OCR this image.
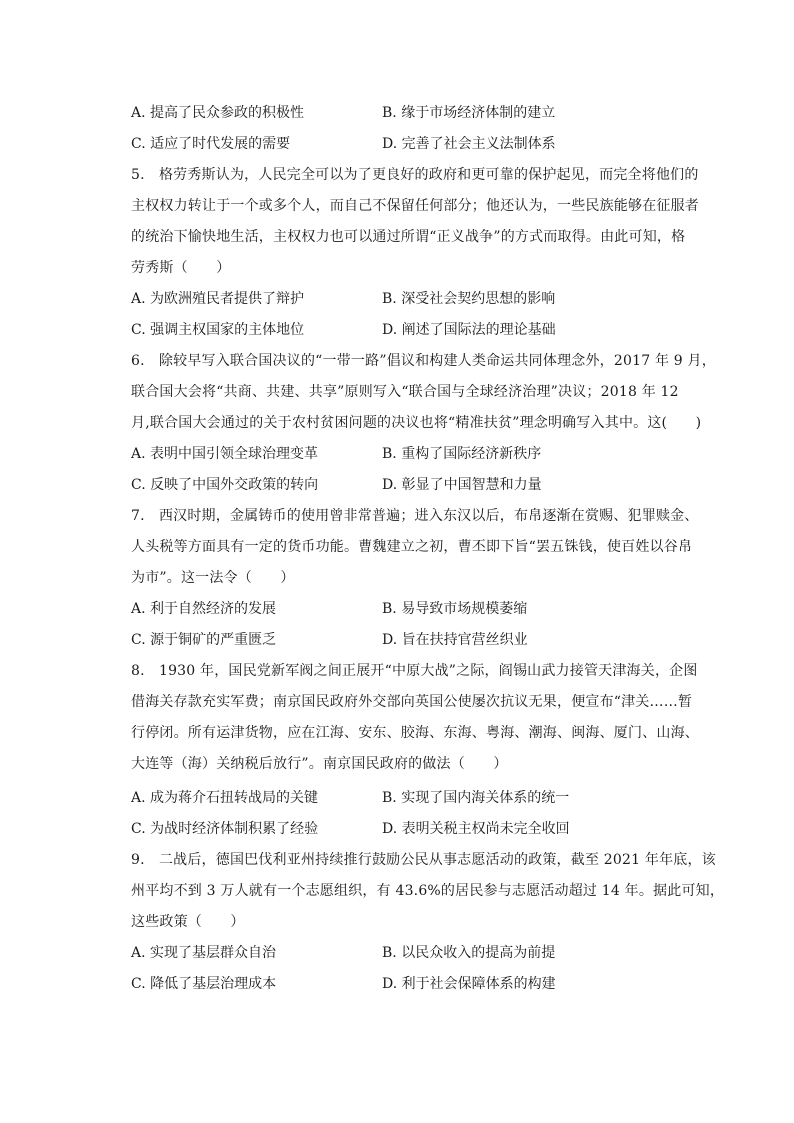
A. 提高了民众参政的积极性	B. 缘于市场经济体制的建立
C. 适应了时代发展的需要	D. 完善了社会主义法制体系
5.　格劳秀斯认为，人民完全可以为了更良好的政府和更可靠的保护起见，而完全将他们的
主权权力转让于一个或多个人，而自己不保留任何部分；他还认为，一些民族能够在征服者
的统治下愉快地生活，主权权力也可以通过所谓“正义战争”的方式而取得。由此可知，格
劳秀斯（　　）
A. 为欧洲殖民者提供了辩护	B. 深受社会契约思想的影响
C. 强调主权国家的主体地位	D. 阐述了国际法的理论基础
6.　除较早写入联合国决议的“一带一路”倡议和构建人类命运共同体理念外，2017 年 9 月，
联合国大会将“共商、共建、共享”原则写入“联合国与全球经济治理”决议；2018 年 12
月,联合国大会通过的关于农村贫困问题的决议也将“精准扶贫”理念明确写入其中。这(　　)
A. 表明中国引领全球治理变革	B. 重构了国际经济新秩序
C. 反映了中国外交政策的转向	D. 彰显了中国智慧和力量
7.　西汉时期，金属铸币的使用曾非常普遍；进入东汉以后，布帛逐渐在赏赐、犯罪赎金、
人头税等方面具有一定的货币功能。曹魏建立之初，曹丕即下旨“罢五铢钱，使百姓以谷帛
为市”。这一法令（　　）
A. 利于自然经济的发展	B. 易导致市场规模萎缩
C. 源于铜矿的严重匮乏	D. 旨在扶持官营丝织业
8.　1930 年，国民党新军阀之间正展开“中原大战”之际，阎锡山武力接管天津海关，企图
借海关存款充实军费；南京国民政府外交部向英国公使屡次抗议无果，便宣布“津关……暂
行停闭。所有运津货物，应在江海、安东、胶海、东海、粤海、潮海、闽海、厦门、山海、
大连等（海）关纳税后放行”。南京国民政府的做法（　　）
A. 成为蒋介石扭转战局的关键	B. 实现了国内海关体系的统一
C. 为战时经济体制积累了经验	D. 表明关税主权尚未完全收回
9.　二战后，德国巴伐利亚州持续推行鼓励公民从事志愿活动的政策，截至 2021 年年底，该
州平均不到 3 万人就有一个志愿组织，有 43.6%的居民参与志愿活动超过 14 年。据此可知，
这些政策（　　）
A. 实现了基层群众自治	B. 以民众收入的提高为前提
C. 降低了基层治理成本	D. 利于社会保障体系的构建
